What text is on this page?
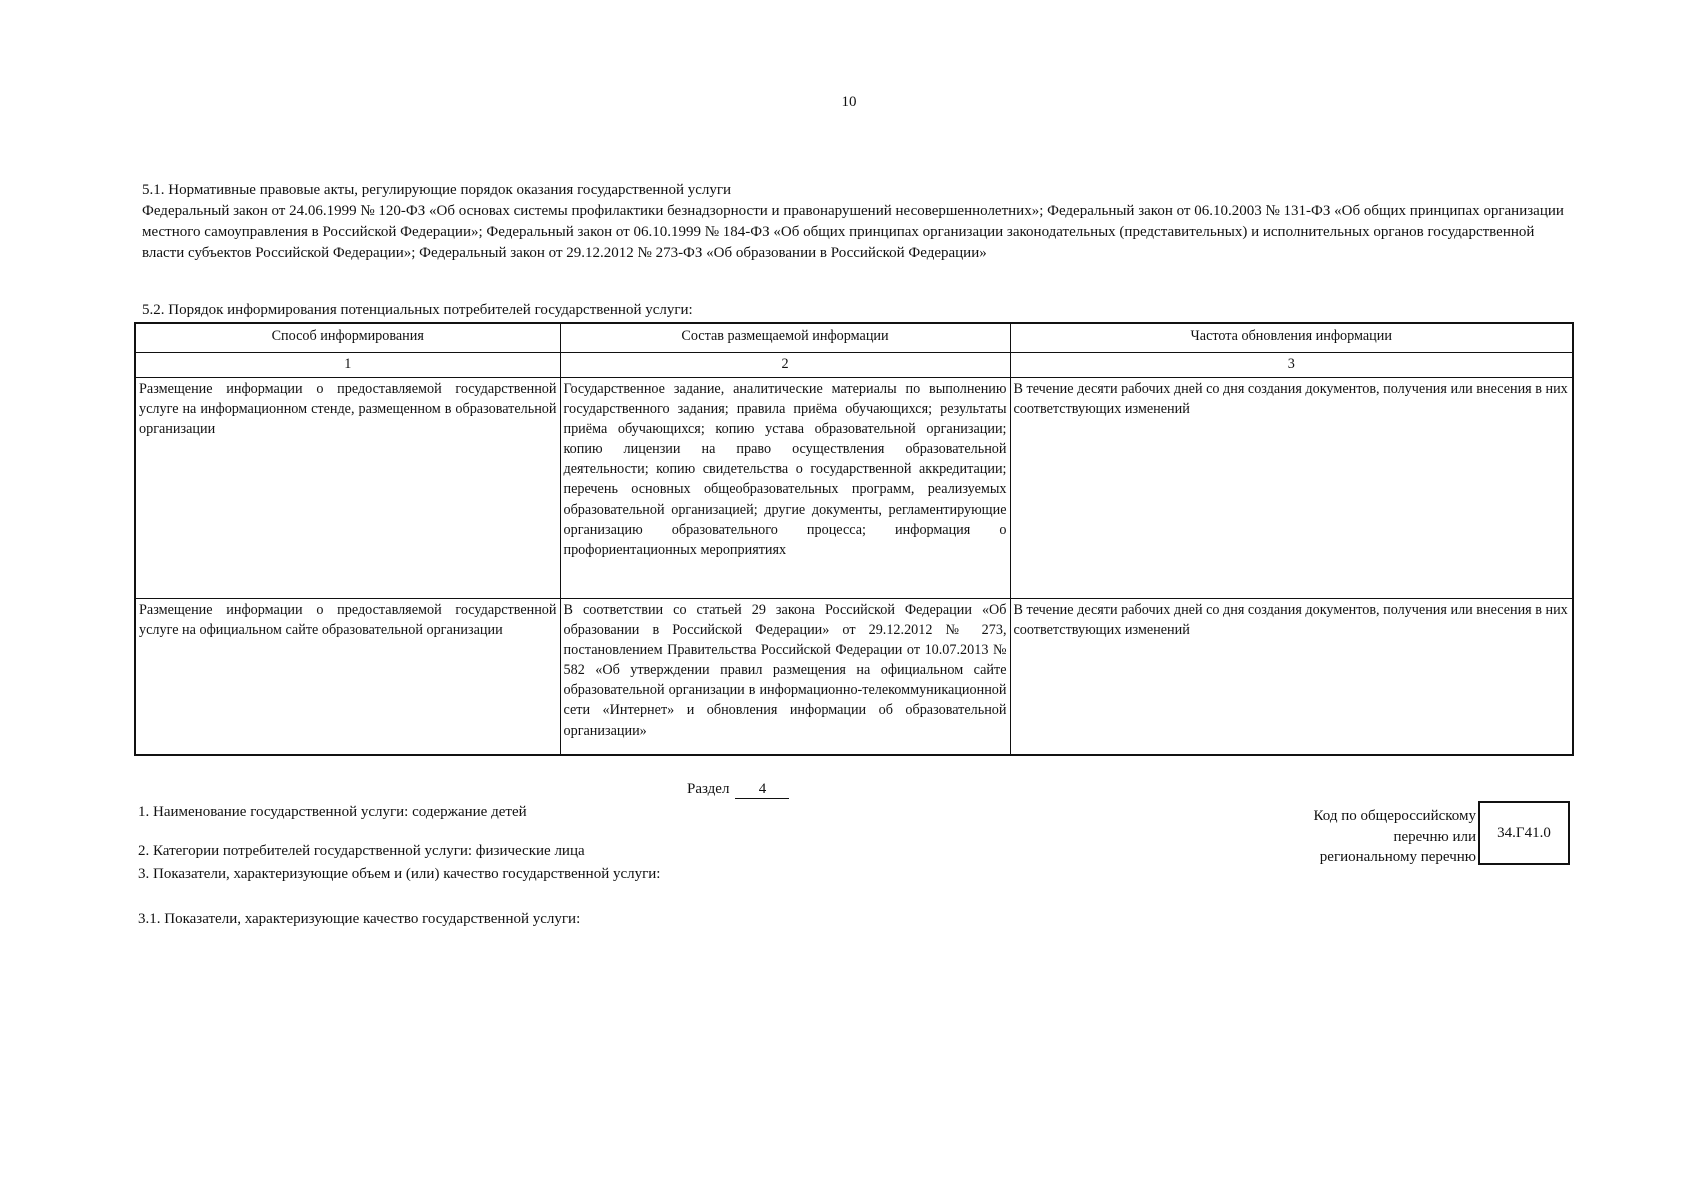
10
5.1. Нормативные правовые акты, регулирующие порядок оказания государственной услуги
Федеральный закон от 24.06.1999 № 120-ФЗ «Об основах системы профилактики безнадзорности и правонарушений несовершеннолетних»; Федеральный закон от 06.10.2003 № 131-ФЗ «Об общих принципах организации местного самоуправления в Российской Федерации»; Федеральный закон от 06.10.1999 № 184-ФЗ «Об общих принципах организации законодательных (представительных) и исполнительных органов государственной власти субъектов Российской Федерации»; Федеральный закон от 29.12.2012 № 273-ФЗ «Об образовании в Российской Федерации»
5.2. Порядок информирования потенциальных потребителей государственной услуги:
Способ информирования	Состав размещаемой информации	Частота обновления информации
1	2	3
Размещение информации о предоставляемой государственной услуге на информационном стенде, размещенном в образовательной организации	Государственное задание, аналитические материалы по выполнению государственного задания; правила приёма обучающихся; результаты приёма обучающихся; копию устава образовательной организации; копию лицензии на право осуществления образовательной деятельности; копию свидетельства о государственной аккредитации; перечень основных общеобразовательных программ, реализуемых образовательной организацией; другие документы, регламентирующие организацию образовательного процесса; информация о профориентационных мероприятиях	В течение десяти рабочих дней со дня создания документов, получения или внесения в них соответствующих изменений
Размещение информации о предоставляемой государственной услуге на официальном сайте образовательной организации	В соответствии со статьей 29 закона Российской Федерации «Об образовании в Российской Федерации» от 29.12.2012 № 273, постановлением Правительства Российской Федерации от 10.07.2013 № 582 «Об утверждении правил размещения на официальном сайте образовательной организации в информационно-телекоммуникационной сети «Интернет» и обновления информации об образовательной организации»	В течение десяти рабочих дней со дня создания документов, получения или внесения в них соответствующих изменений
Раздел 4
1. Наименование государственной услуги: содержание детей
2. Категории потребителей государственной услуги: физические лица
3. Показатели, характеризующие объем и (или) качество государственной услуги:
3.1. Показатели, характеризующие качество государственной услуги:
Код по общероссийскому
перечню или
региональному перечню
34.Г41.0
